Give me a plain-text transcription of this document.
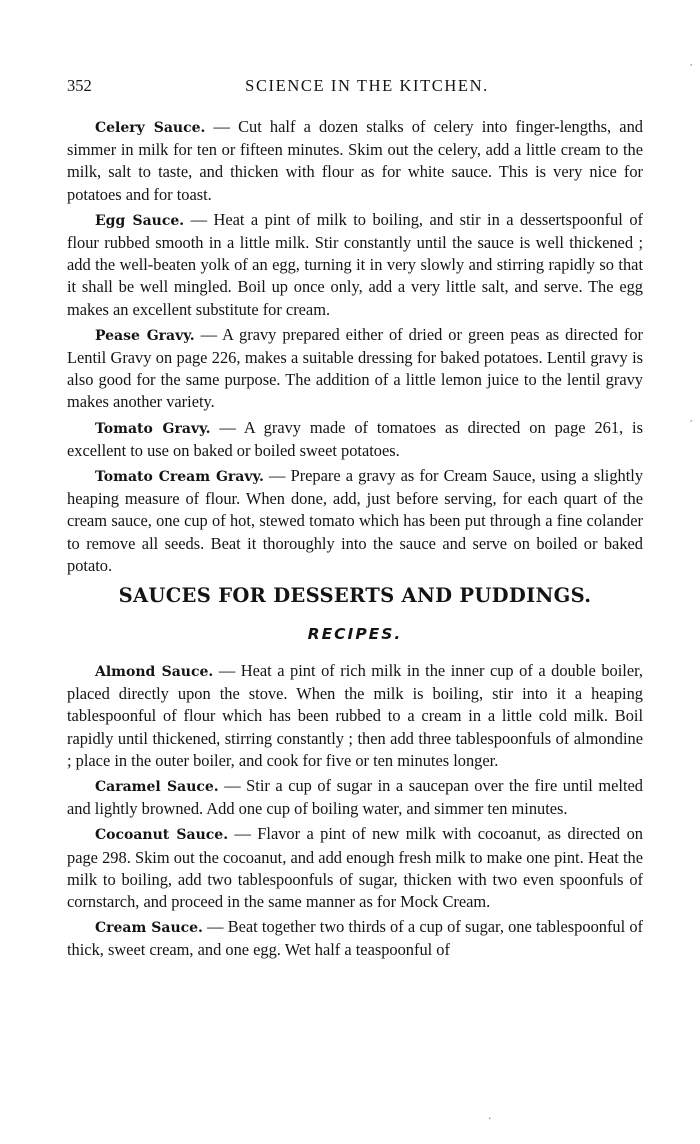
352	SCIENCE IN THE KITCHEN.

Celery Sauce. — Cut half a dozen stalks of celery into finger-lengths, and simmer in milk for ten or fifteen minutes. Skim out the celery, add a little cream to the milk, salt to taste, and thicken with flour as for white sauce. This is very nice for potatoes and for toast.

Egg Sauce. — Heat a pint of milk to boiling, and stir in a dessertspoonful of flour rubbed smooth in a little milk. Stir constantly until the sauce is well thickened ; add the well-beaten yolk of an egg, turning it in very slowly and stirring rapidly so that it shall be well mingled. Boil up once only, add a very little salt, and serve. The egg makes an excellent substitute for cream.

Pease Gravy. — A gravy prepared either of dried or green peas as directed for Lentil Gravy on page 226, makes a suitable dressing for baked potatoes. Lentil gravy is also good for the same purpose. The addition of a little lemon juice to the lentil gravy makes another variety.

Tomato Gravy. — A gravy made of tomatoes as directed on page 261, is excellent to use on baked or boiled sweet potatoes.

Tomato Cream Gravy. — Prepare a gravy as for Cream Sauce, using a slightly heaping measure of flour. When done, add, just before serving, for each quart of the cream sauce, one cup of hot, stewed tomato which has been put through a fine colander to remove all seeds. Beat it thoroughly into the sauce and serve on boiled or baked potato.

SAUCES FOR DESSERTS AND PUDDINGS.
RECIPES.

Almond Sauce. — Heat a pint of rich milk in the inner cup of a double boiler, placed directly upon the stove. When the milk is boiling, stir into it a heaping tablespoonful of flour which has been rubbed to a cream in a little cold milk. Boil rapidly until thickened, stirring constantly ; then add three tablespoonfuls of almondine ; place in the outer boiler, and cook for five or ten minutes longer.

Caramel Sauce. — Stir a cup of sugar in a saucepan over the fire until melted and lightly browned. Add one cup of boiling water, and simmer ten minutes.

Cocoanut Sauce. — Flavor a pint of new milk with cocoanut, as directed on page 298. Skim out the cocoanut, and add enough fresh milk to make one pint. Heat the milk to boiling, add two tablespoonfuls of sugar, thicken with two even spoonfuls of cornstarch, and proceed in the same manner as for Mock Cream.

Cream Sauce. — Beat together two thirds of a cup of sugar, one tablespoonful of thick, sweet cream, and one egg. Wet half a teaspoonful of

′
′
·
